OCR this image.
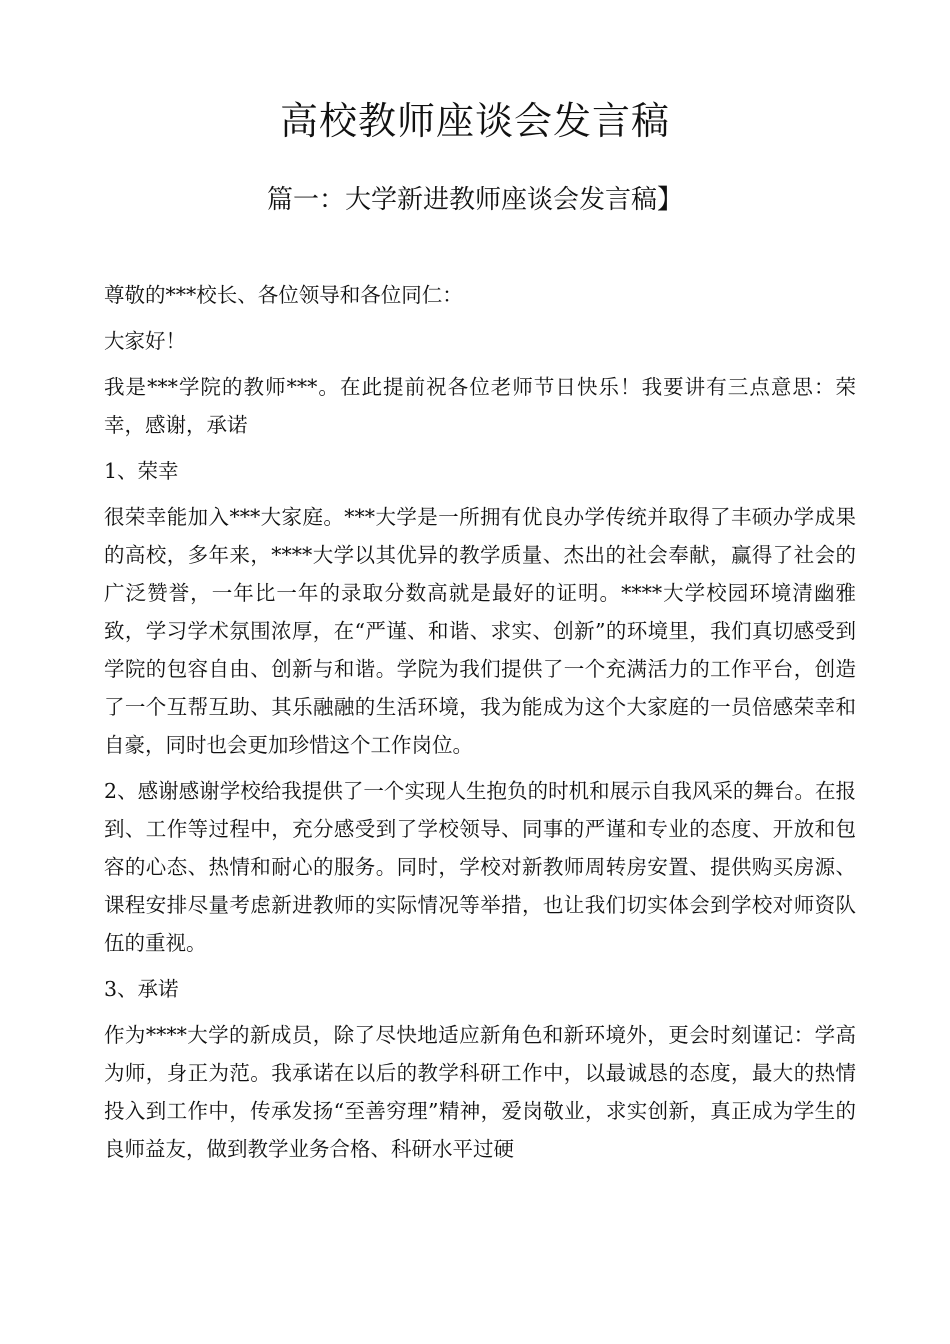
高校教师座谈会发言稿
篇一：大学新进教师座谈会发言稿】

尊敬的***校长、各位领导和各位同仁：

大家好！

我是***学院的教师***。在此提前祝各位老师节日快乐！我要讲有三点意思：荣幸，感谢，承诺

1、荣幸

很荣幸能加入***大家庭。***大学是一所拥有优良办学传统并取得了丰硕办学成果的高校，多年来，****大学以其优异的教学质量、杰出的社会奉献，赢得了社会的广泛赞誉，一年比一年的录取分数高就是最好的证明。****大学校园环境清幽雅致，学习学术氛围浓厚，在“严谨、和谐、求实、创新”的环境里，我们真切感受到学院的包容自由、创新与和谐。学院为我们提供了一个充满活力的工作平台，创造了一个互帮互助、其乐融融的生活环境，我为能成为这个大家庭的一员倍感荣幸和自豪，同时也会更加珍惜这个工作岗位。

2、感谢感谢学校给我提供了一个实现人生抱负的时机和展示自我风采的舞台。在报到、工作等过程中，充分感受到了学校领导、同事的严谨和专业的态度、开放和包容的心态、热情和耐心的服务。同时，学校对新教师周转房安置、提供购买房源、课程安排尽量考虑新进教师的实际情况等举措，也让我们切实体会到学校对师资队伍的重视。

3、承诺

作为****大学的新成员，除了尽快地适应新角色和新环境外，更会时刻谨记：学高为师，身正为范。我承诺在以后的教学科研工作中，以最诚恳的态度，最大的热情投入到工作中，传承发扬“至善穷理”精神，爱岗敬业，求实创新，真正成为学生的良师益友，做到教学业务合格、科研水平过硬
